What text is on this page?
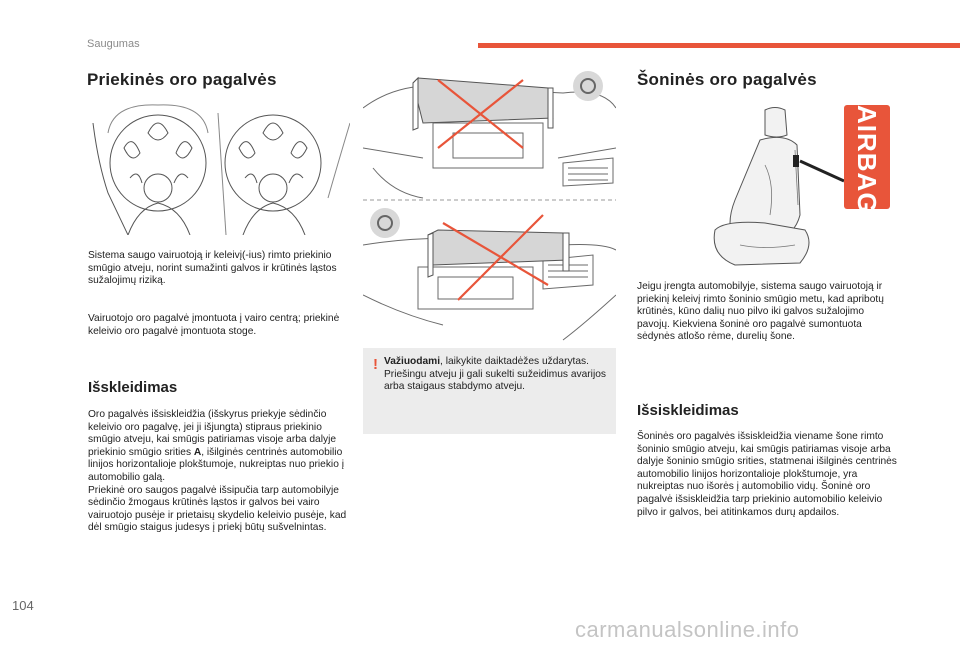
Saugumas
Priekinės oro pagalvės

Sistema saugo vairuotoją ir keleivį(-ius) rimto priekinio smūgio atveju, norint sumažinti galvos ir krūtinės ląstos sužalojimų riziką.

Vairuotojo oro pagalvė įmontuota į vairo centrą; priekinė keleivio oro pagalvė įmontuota stoge.

Išskleidimas
Oro pagalvės išsiskleidžia (išskyrus priekyje sėdinčio keleivio oro pagalvę, jei ji išjungta) stipraus priekinio smūgio atveju, kai smūgis patiriamas visoje arba dalyje priekinio smūgio srities A, išilginės centrinės automobilio linijos horizontalioje plokštumoje, nukreiptas nuo priekio į automobilio galą.
Priekinė oro saugos pagalvė išsipučia tarp automobilyje sėdinčio žmogaus krūtinės ląstos ir galvos bei vairo vairuotojo pusėje ir prietaisų skydelio keleivio pusėje, kad dėl smūgio staigus judesys į priekį būtų sušvelnintas.
! Važiuodami, laikykite daiktadėžes uždarytas. Priešingu atveju ji gali sukelti sužeidimus avarijos arba staigaus stabdymo atveju.
Šoninės oro pagalvės
AIRBAG

Jeigu įrengta automobilyje, sistema saugo vairuotoją ir priekinį keleivį rimto šoninio smūgio metu, kad apribotų krūtinės, kūno dalių nuo pilvo iki galvos sužalojimo pavojų. Kiekviena šoninė oro pagalvė sumontuota sėdynės atlošo rėme, durelių šone.

Išsiskleidimas

Šoninės oro pagalvės išsiskleidžia viename šone rimto šoninio smūgio atveju, kai smūgis patiriamas visoje arba dalyje šoninio smūgio srities, statmenai išilginės centrinės automobilio linijos horizontalioje plokštumoje, yra nukreiptas nuo išorės į automobilio vidų. Šoninė oro pagalvė išsiskleidžia tarp priekinio automobilio keleivio pilvo ir galvos, bei atitinkamos durų apdailos.

104
carmanualsonline.info
